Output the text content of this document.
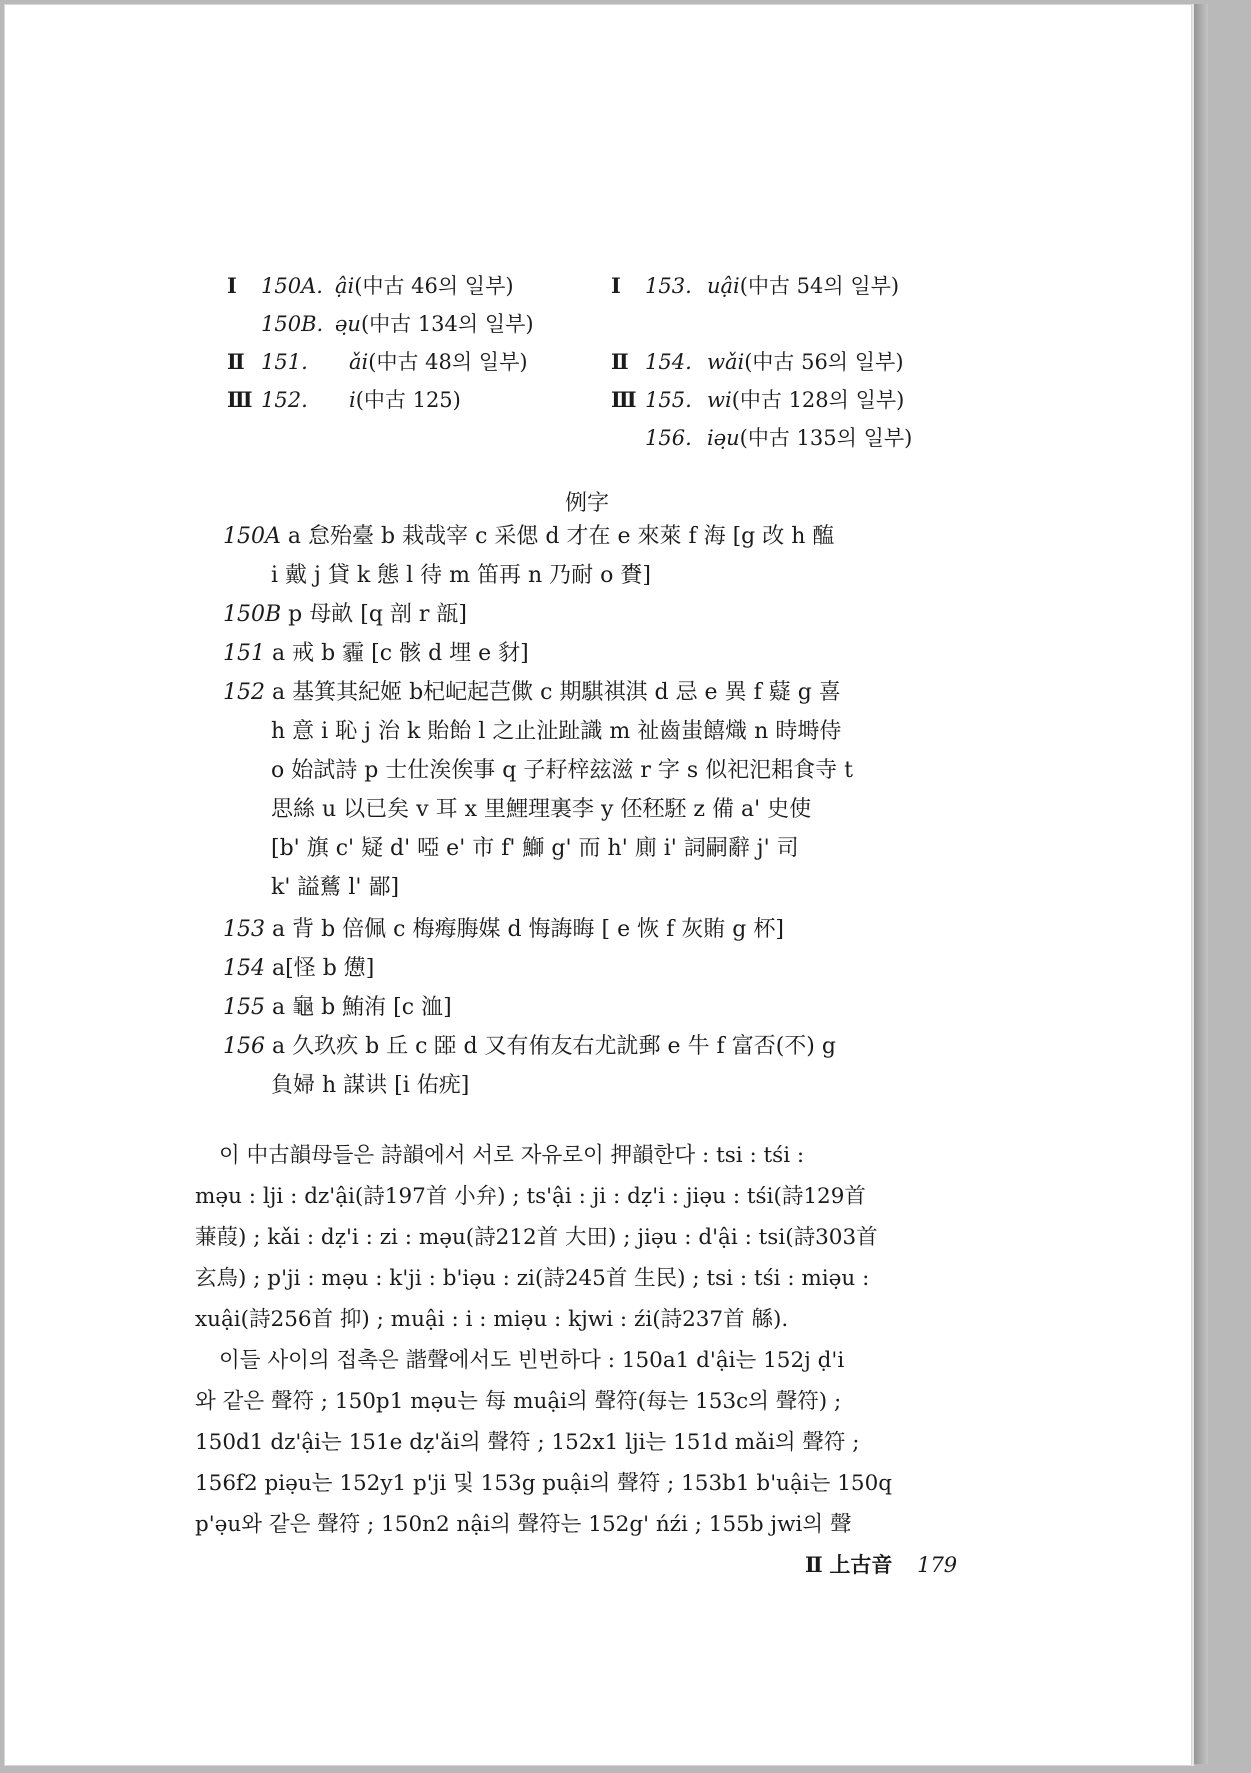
Ⅰ 150A. ậi(中古 46의 일부)
150B. ə̣u(中古 134의 일부)
Ⅱ 151. ǎi(中古 48의 일부)
Ⅲ 152. i(中古 125)
Ⅰ 153. uậi(中古 54의 일부)
Ⅱ 154. wǎi(中古 56의 일부)
Ⅲ 155. wi(中古 128의 일부)
156. iə̣u(中古 135의 일부)
例字
150A a 怠殆臺 b 栽哉宰 c 采偲 d 才在 e 來萊 f 海 [g 改 h 醢
i 戴 j 貸 k 態 l 待 m 笛再 n 乃耐 o 賚]
150B p 母畝 [q 剖 r 瓿]
151 a 戒 b 霾 [c 骸 d 埋 e 豺]
152 a 基箕其紀姬 b杞屺起芑僛 c 期騏祺淇 d 忌 e 異 f 薿 g 喜
h 意 i 恥 j 治 k 貽飴 l 之止沚趾識 m 祉齒蚩饎熾 n 時塒侍
o 始試詩 p 士仕涘俟事 q 子耔梓玆滋 r 字 s 似祀汜耜食寺 t
思絲 u 以已矣 v 耳 x 里鯉理裏李 y 伾秠駓 z 備 a' 史使
[b' 旗 c' 疑 d' 啞 e' 市 f' 鰤 g' 而 h' 廁 i' 詞嗣辭 j' 司
k' 謚鶿 l' 鄙]
153 a 背 b 倍佩 c 梅痗脢媒 d 悔誨晦 [ e 恢 f 灰賄 g 杯]
154 a[怪 b 憊]
155 a 龜 b 鮪洧 [c 洫]
156 a 久玖疚 b 丘 c 𦣦 d 又有侑友右尤訧郵 e 牛 f 富否(不) g
負婦 h 謀䜤 [i 佑疣]
이 中古韻母들은 詩韻에서 서로 자유로이 押韻한다 : tsi : tśi :
mə̣u : lji : dz'ậi(詩197首 小弁) ; ts'ậi : ji : dẓ'i : jiə̣u : tśi(詩129首
蒹葭) ; kǎi : dẓ'i : zi : mə̣u(詩212首 大田) ; jiə̣u : d'ậi : tsi(詩303首
玄鳥) ; p'ji : mə̣u : k'ji : b'iə̣u : zi(詩245首 生民) ; tsi : tśi : miə̣u :
xuậi(詩256首 抑) ; muậi : i : miə̣u : kjwi : źi(詩237首 緜).
이들 사이의 접촉은 諧聲에서도 빈번하다 : 150a1 d'ậi는 152j ḍ'i
와 같은 聲符 ; 150p1 mə̣u는 每 muậi의 聲符(每는 153c의 聲符) ;
150d1 dz'ậi는 151e dẓ'ǎi의 聲符 ; 152x1 lji는 151d mǎi의 聲符 ;
156f2 piə̣u는 152y1 p'ji 및 153g puậi의 聲符 ; 153b1 b'uậi는 150q
p'ə̣u와 같은 聲符 ; 150n2 nậi의 聲符는 152g' ńźi ; 155b jwi의 聲
Ⅱ 上古音 179
